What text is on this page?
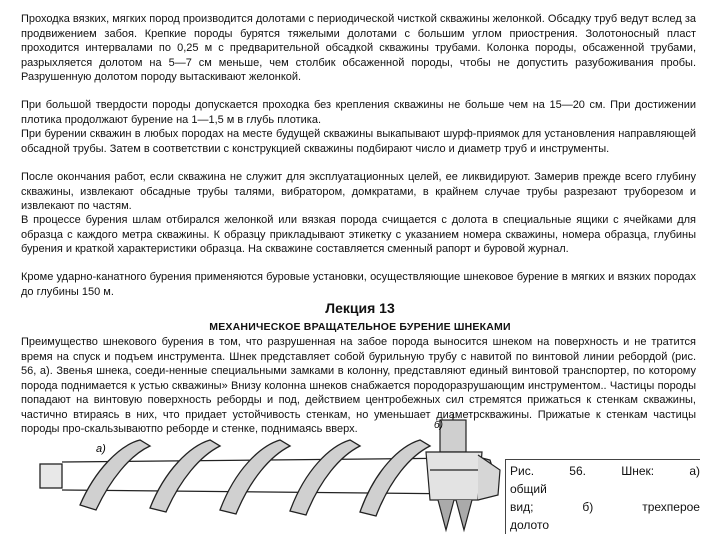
Проходка вязких, мягких пород производится долотами с периодической чисткой скважины желонкой. Обсадку труб ведут вслед за продвижением забоя. Крепкие породы бурятся тяжелыми долотами с большим углом приострения. Золотоносный пласт проходится интервалами по 0,25 м с предварительной обсадкой скважины трубами. Колонка породы, обсаженной трубами, разрыхляется долотом на 5—7 см меньше, чем столбик обсаженной породы, чтобы не допустить разубоживания пробы. Разрушенную долотом породу вытаскивают желонкой.

При большой твердости породы допускается проходка без крепления скважины не больше чем на 15—20 см. При достижении плотика продолжают бурение на 1—1,5 м в глубь плотика.

При бурении скважин в любых породах на месте будущей скважины выкапывают шурф-приямок для установления направляющей обсадной трубы. Затем в соответствии с конструкцией скважины подбирают число и диаметр труб и инструменты.

После окончания работ, если скважина не служит для эксплуатационных целей, ее ликвидируют. Замерив прежде всего глубину скважины, извлекают обсадные трубы талями, вибратором, домкратами, в крайнем случае трубы разрезают труборезом и извлекают по частям.

В процессе бурения шлам отбирался желонкой или вязкая порода счищается с долота в специальные ящики с ячейками для образца с каждого метра скважины. К образцу прикладывают этикетку с указанием номера скважины, номера образца, глубины бурения и краткой характеристики образца. На скважине составляется сменный рапорт и буровой журнал.

Кроме ударно-канатного бурения применяются буровые установки, осуществляющие шнековое бурение в мягких и вязких породах до глубины 150 м.

Лекция 13
МЕХАНИЧЕСКОЕ ВРАЩАТЕЛЬНОЕ БУРЕНИЕ ШНЕКАМИ

Преимущество шнекового бурения в том, что разрушенная на забое порода выносится шнеком на поверхность и не тратится время на спуск и подъем инструмента. Шнек представляет собой бурильную трубу с навитой по винтовой линии ребордой (рис. 56, а). Звенья шнека, соеди-ненные специальными замками в колонну, представляют единый винтовой транспортер, по которому порода поднимается к устью скважины» Внизу колонна шнеков снабжается породоразрушающим инструментом.. Частицы породы попадают на винтовую поверхность реборды и под, действием центробежных сил стремятся прижаться к стенкам скважины, частично втираясь в них, что придает устойчивость стенкам, но уменьшает диаметрскважины. Прижатые к стенкам частицы породы про-скальзываютпо реборде и стенке, поднимаясь вверх.

а)
б)
Рис.	56.	Шнек:	а)
общий
вид;	б)	трехперое
долото
